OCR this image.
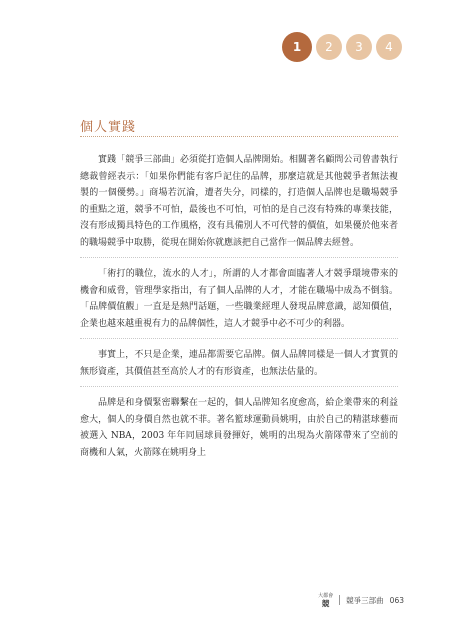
1	2	3	4
個人實踐

實踐「競爭三部曲」必須從打造個人品牌開始。相關著名顧問公司曾書執行總裁曾經表示：「如果你們能有客戶記住的品牌，那麼這就是其他競爭者無法複製的一個優勢。」商場若沉淪，遭者失分，同樣的，打造個人品牌也是職場競爭的重點之道，競爭不可怕，最後也不可怕，可怕的是自己沒有特殊的專業技能，沒有形成獨具特色的工作風格，沒有具備別人不可代替的價值，如果優於他來者的職場競爭中取勝，從現在開始你就應該把自己當作一個品牌去經營。

「術打的職位，流水的人才」，所謂的人才都會面臨著人才競爭環境帶來的機會和威脅，管理學家指出，有了個人品牌的人才，才能在職場中成為不倒翁。「品牌價值觀」一直是是熱門話題，一些職業經理人發現品牌意識，認知價值，企業也越來越重視有力的品牌個性，這人才競爭中必不可少的利器。

事實上，不只是企業，連品都需要它品牌。個人品牌同樣是一個人才實質的無形資產，其價值甚至高於人才的有形資產，也無法估量的。

品牌是和身價緊密聯繫在一起的，個人品牌知名度愈高，給企業帶來的利益愈大，個人的身價自然也就不菲。著名籃球運動員姚明，由於自己的精湛球藝而被選入 NBA，2003 年年同屆球員發揮好，姚明的出現為火箭隊帶來了空前的商機和人氣，火箭隊在姚明身上

大都會
競 競爭三部曲 063
